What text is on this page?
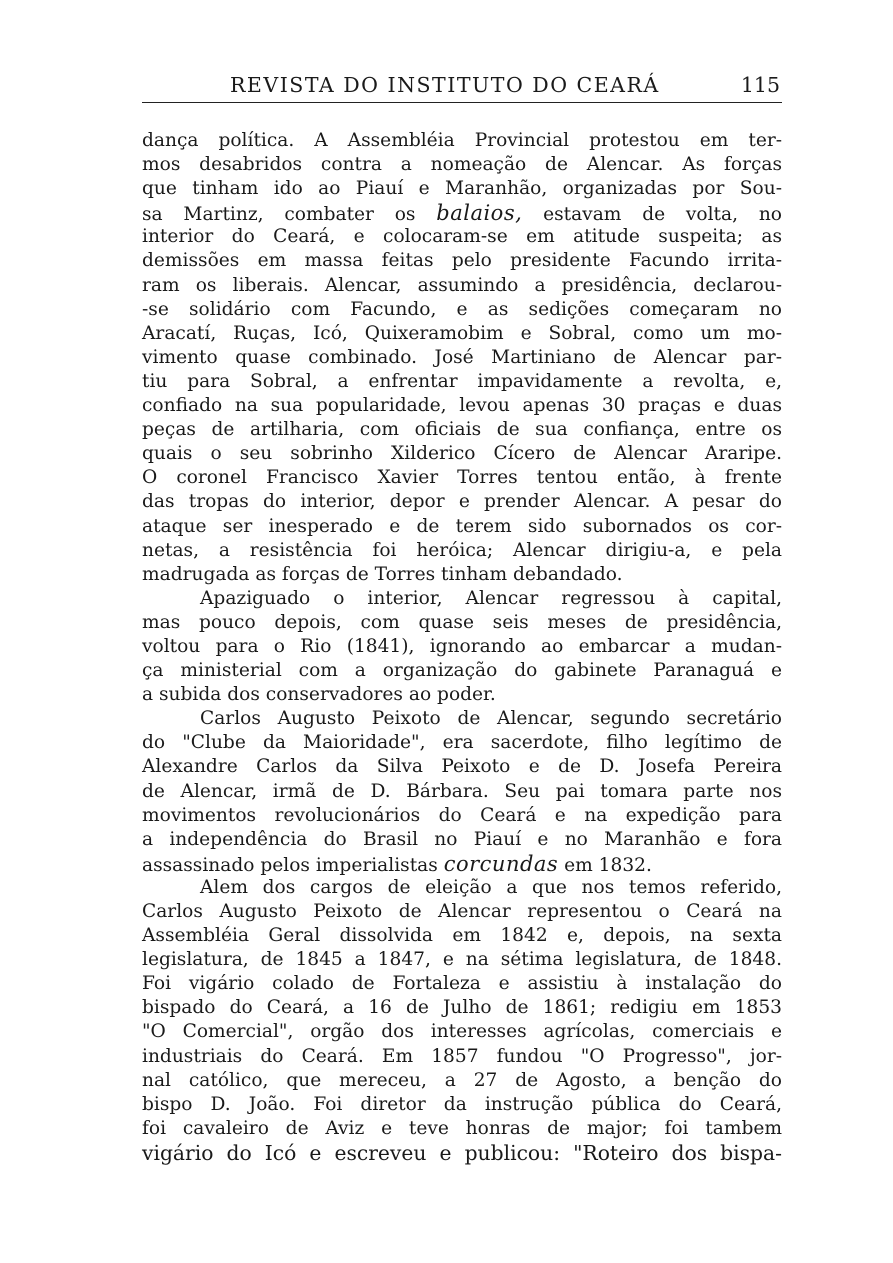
REVISTA DO INSTITUTO DO CEARÁ	115
dança política. A Assembléia Provincial protestou em ter-
mos desabridos contra a nomeação de Alencar. As forças
que tinham ido ao Piauí e Maranhão, organizadas por Sou-
sa Martinz, combater os balaios, estavam de volta, no
interior do Ceará, e colocaram-se em atitude suspeita; as
demissões em massa feitas pelo presidente Facundo irrita-
ram os liberais. Alencar, assumindo a presidência, declarou-
-se solidário com Facundo, e as sedições começaram no
Aracatí, Ruças, Icó, Quixeramobim e Sobral, como um mo-
vimento quase combinado. José Martiniano de Alencar par-
tiu para Sobral, a enfrentar impavidamente a revolta, e,
confiado na sua popularidade, levou apenas 30 praças e duas
peças de artilharia, com oficiais de sua confiança, entre os
quais o seu sobrinho Xilderico Cícero de Alencar Araripe.
O coronel Francisco Xavier Torres tentou então, à frente
das tropas do interior, depor e prender Alencar. A pesar do
ataque ser inesperado e de terem sido subornados os cor-
netas, a resistência foi heróica; Alencar dirigiu-a, e pela
madrugada as forças de Torres tinham debandado.
Apaziguado o interior, Alencar regressou à capital,
mas pouco depois, com quase seis meses de presidência,
voltou para o Rio (1841), ignorando ao embarcar a mudan-
ça ministerial com a organização do gabinete Paranaguá e
a subida dos conservadores ao poder.
Carlos Augusto Peixoto de Alencar, segundo secretário
do "Clube da Maioridade", era sacerdote, filho legítimo de
Alexandre Carlos da Silva Peixoto e de D. Josefa Pereira
de Alencar, irmã de D. Bárbara. Seu pai tomara parte nos
movimentos revolucionários do Ceará e na expedição para
a independência do Brasil no Piauí e no Maranhão e fora
assassinado pelos imperialistas corcundas em 1832.
Alem dos cargos de eleição a que nos temos referido,
Carlos Augusto Peixoto de Alencar representou o Ceará na
Assembléia Geral dissolvida em 1842 e, depois, na sexta
legislatura, de 1845 a 1847, e na sétima legislatura, de 1848.
Foi vigário colado de Fortaleza e assistiu à instalação do
bispado do Ceará, a 16 de Julho de 1861; redigiu em 1853
"O Comercial", orgão dos interesses agrícolas, comerciais e
industriais do Ceará. Em 1857 fundou "O Progresso", jor-
nal católico, que mereceu, a 27 de Agosto, a benção do
bispo D. João. Foi diretor da instrução pública do Ceará,
foi cavaleiro de Aviz e teve honras de major; foi tambem
vigário do Icó e escreveu e publicou: "Roteiro dos bispa-
